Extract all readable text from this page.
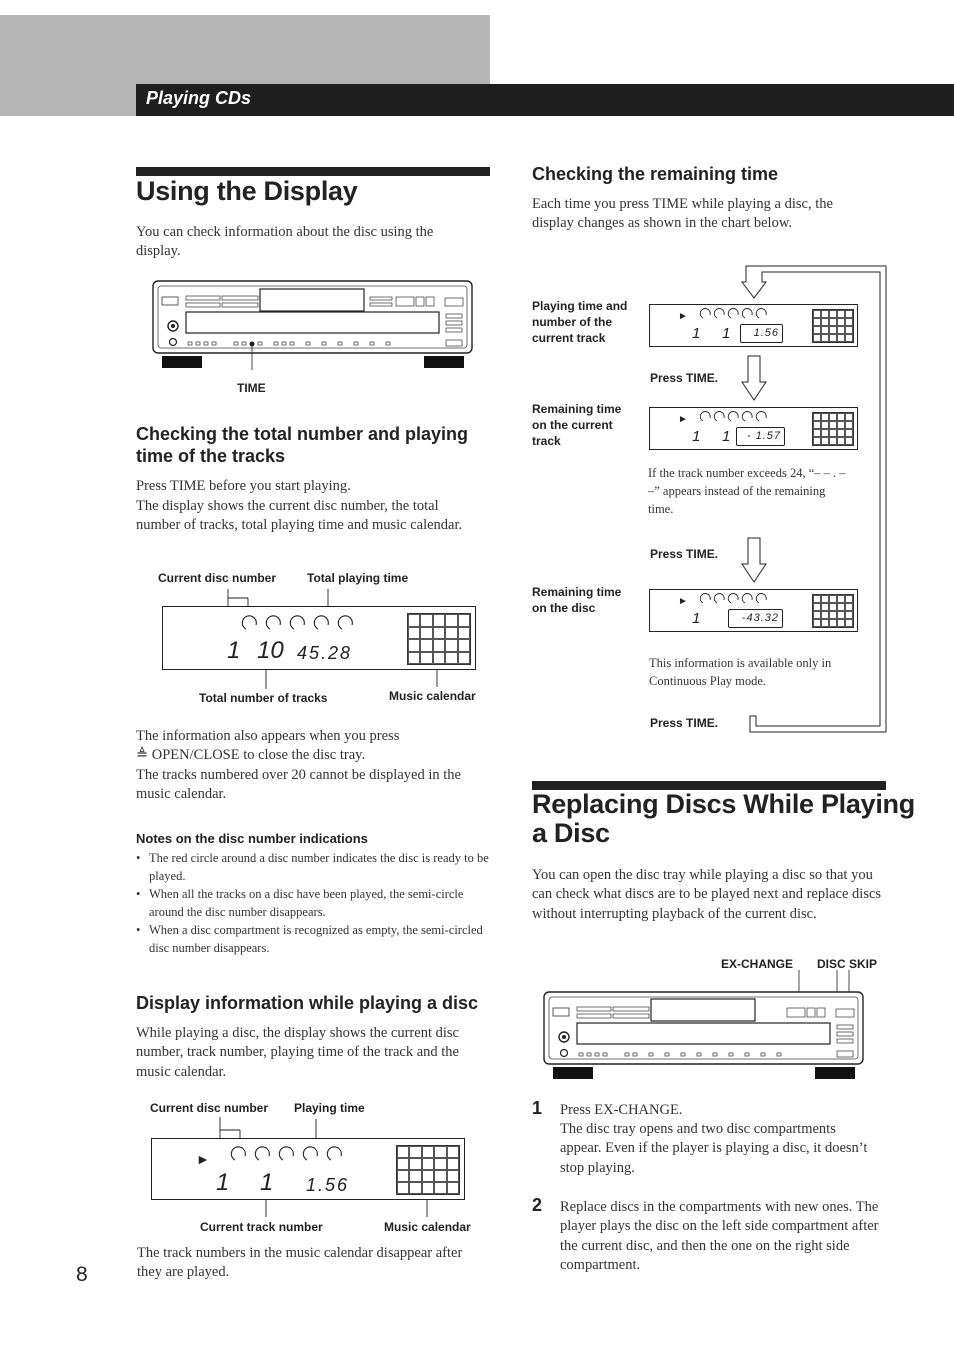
Playing CDs
Using the Display
You can check information about the disc using the display.
TIME
Checking the total number and playing time of the tracks
Press TIME before you start playing.
The display shows the current disc number, the total number of tracks, total playing time and music calendar.
Current disc number	Total playing time
1 10 45.28
Total number of tracks	Music calendar
The information also appears when you press
≜ OPEN/CLOSE to close the disc tray.
The tracks numbered over 20 cannot be displayed in the music calendar.
Notes on the disc number indications
• The red circle around a disc number indicates the disc is ready to be played.
• When all the tracks on a disc have been played, the semi-circle around the disc number disappears.
• When a disc compartment is recognized as empty, the semi-circled disc number disappears.
Display information while playing a disc
While playing a disc, the display shows the current disc number, track number, playing time of the track and the music calendar.
Current disc number Playing time
►
1 1 1.56
Current track number	Music calendar
The track numbers in the music calendar disappear after they are played.
8
Checking the remaining time
Each time you press TIME while playing a disc, the display changes as shown in the chart below.
Playing time and number of the current track
►
1 1	1.56
Press TIME.
Remaining time on the current track
►
1 1	- 1.57
If the track number exceeds 24, “– – . – –” appears instead of the remaining time.
Press TIME.
Remaining time on the disc	►
1	-43.32
This information is available only in Continuous Play mode.
Press TIME.
Replacing Discs While Playing
a Disc
You can open the disc tray while playing a disc so that you can check what discs are to be played next and replace discs without interrupting playback of the current disc.
EX-CHANGE DISC SKIP
1 Press EX-CHANGE.
The disc tray opens and two disc compartments appear. Even if the player is playing a disc, it doesn’t stop playing.
2 Replace discs in the compartments with new ones. The player plays the disc on the left side compartment after the current disc, and then the one on the right side compartment.
